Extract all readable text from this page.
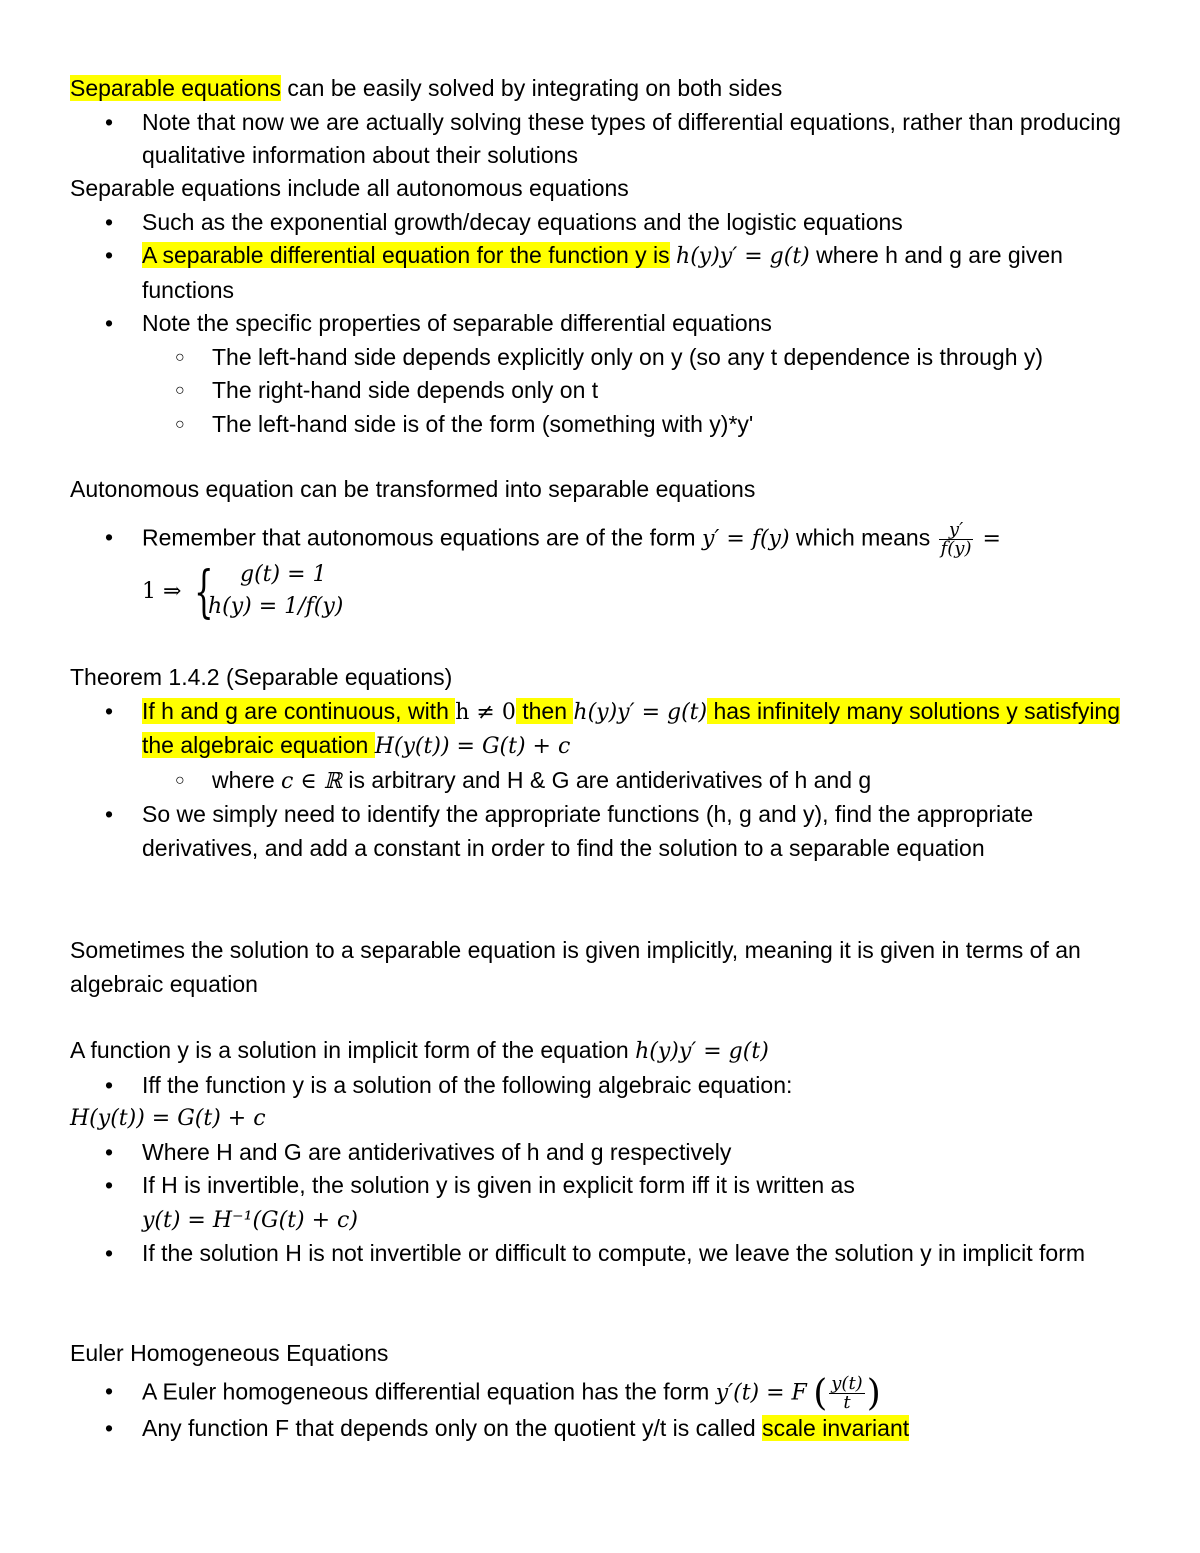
Separable equations can be easily solved by integrating on both sides
• Note that now we are actually solving these types of differential equations, rather than producing qualitative information about their solutions
Separable equations include all autonomous equations
• Such as the exponential growth/decay equations and the logistic equations
• A separable differential equation for the function y is h(y)y′ = g(t) where h and g are given functions
• Note the specific properties of separable differential equations
○ The left-hand side depends explicitly only on y (so any t dependence is through y)
○ The right-hand side depends only on t
○ The left-hand side is of the form (something with y)*y'
Autonomous equation can be transformed into separable equations
• Remember that autonomous equations are of the form y′ = f(y) which means $\frac{y'}{f(y)}$ =
1 ⇒ { g(t) = 1
h(y) = 1/f(y)
Theorem 1.4.2 (Separable equations)
• If h and g are continuous, with h ≠ 0 then h(y)y′ = g(t) has infinitely many solutions y satisfying the algebraic equation H(y(t)) = G(t) + c
○ where c ∈ ℝ is arbitrary and H & G are antiderivatives of h and g
• So we simply need to identify the appropriate functions (h, g and y), find the appropriate derivatives, and add a constant in order to find the solution to a separable equation
Sometimes the solution to a separable equation is given implicitly, meaning it is given in terms of an algebraic equation
A function y is a solution in implicit form of the equation h(y)y′ = g(t)
• Iff the function y is a solution of the following algebraic equation:
H(y(t)) = G(t) + c
• Where H and G are antiderivatives of h and g respectively
• If H is invertible, the solution y is given in explicit form iff it is written as
y(t) = H⁻¹(G(t) + c)
• If the solution H is not invertible or difficult to compute, we leave the solution y in implicit form
Euler Homogeneous Equations
• A Euler homogeneous differential equation has the form y′(t) = F ( $\frac{y(t)}{t}$ )
• Any function F that depends only on the quotient y/t is called scale invariant
